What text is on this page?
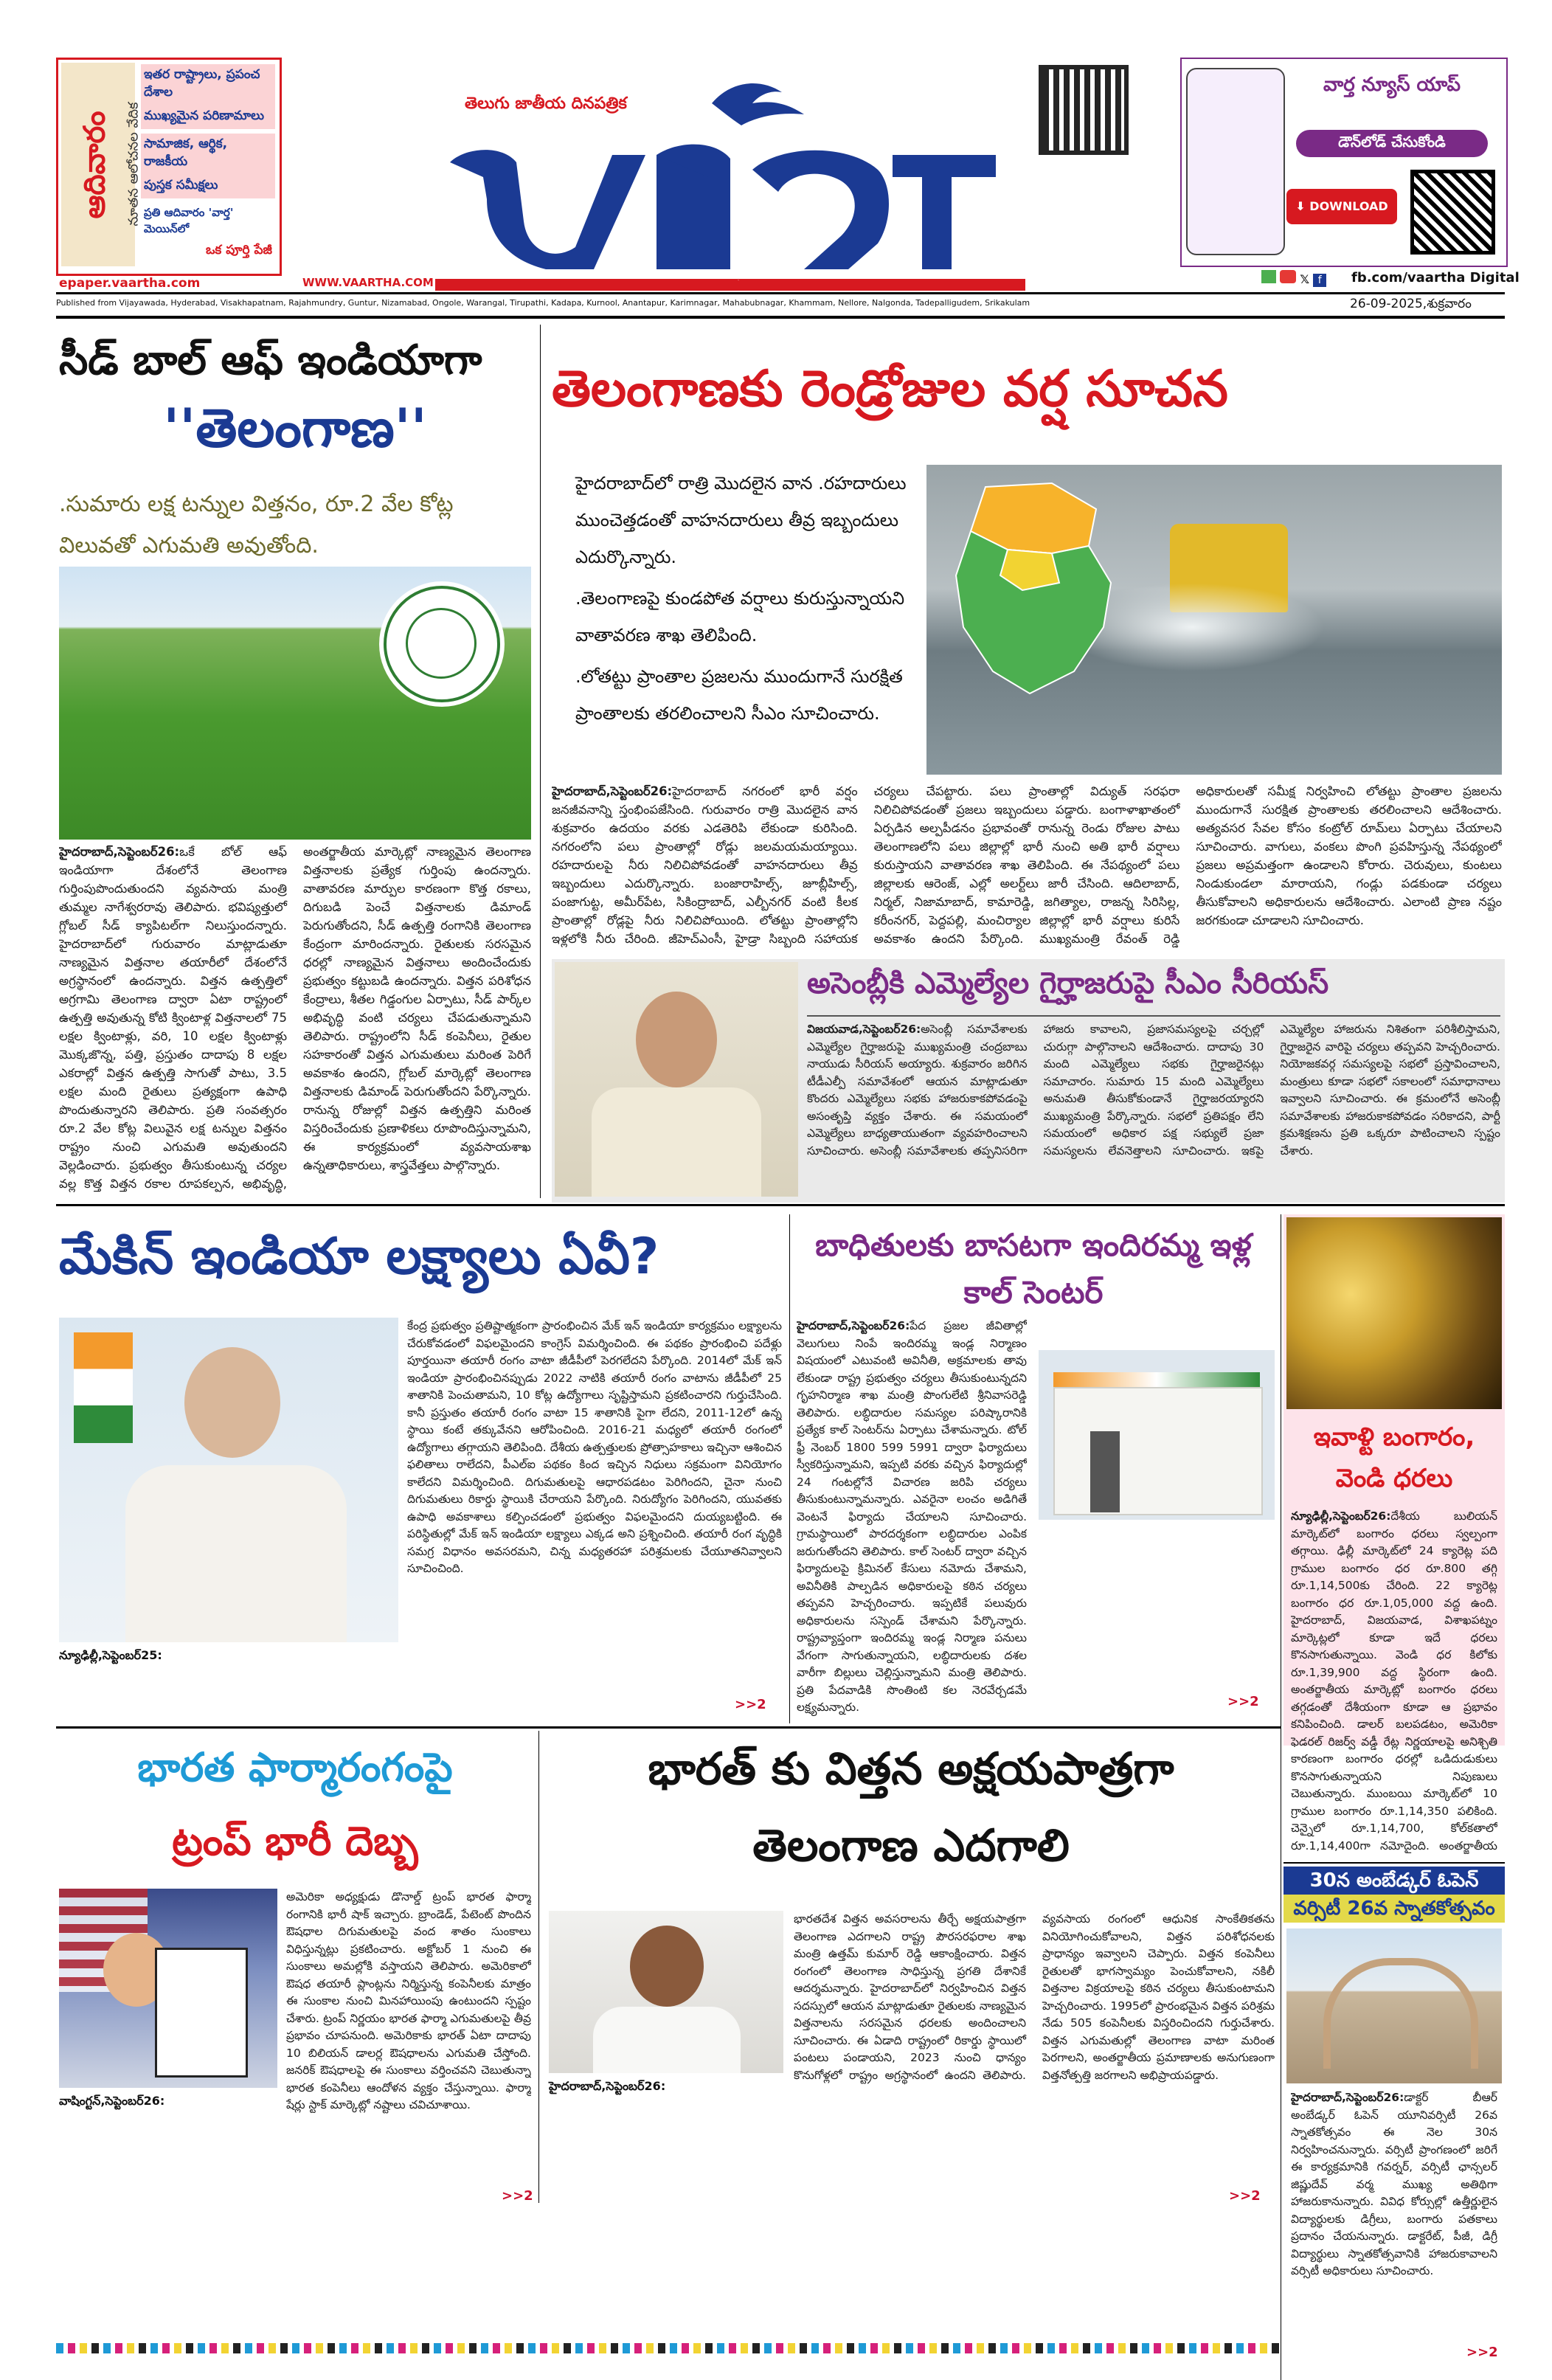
ఆదివారం	నూతన ఆలోచనల వేదిక
ఇతర రాష్ట్రాలు, ప్రపంచ దేశాల
ముఖ్యమైన పరిణామాలు
సామాజిక, ఆర్థిక, రాజకీయ
పుస్తక సమీక్షలు
ప్రతి ఆదివారం 'వార్త' మెయిన్‌లో
ఒక పూర్తి పేజీ
epaper.vaartha.com	WWW.VAARTHA.COM
తెలుగు జాతీయ దినపత్రిక
వార్త
వార్త న్యూస్ యాప్
డౌన్‌లోడ్ చేసుకోండి
⬇ DOWNLOAD
𝕏 f	fb.com/vaartha Digital
Published from Vijayawada, Hyderabad, Visakhapatnam, Rajahmundry, Guntur, Nizamabad, Ongole, Warangal, Tirupathi, Kadapa, Kurnool, Anantapur, Karimnagar, Mahabubnagar, Khammam, Nellore, Nalgonda, Tadepalligudem, Srikakulam	26-09-2025,శుక్రవారం
సీడ్ బాల్ ఆఫ్ ఇండియాగా
''తెలంగాణ''
.సుమారు లక్ష టన్నుల విత్తనం, రూ.2 వేల కోట్ల విలువతో ఎగుమతి అవుతోంది.
హైదరాబాద్,సెప్టెంబర్26:ఒకే బోల్ ఆఫ్ ఇండియాగా దేశంలోనే తెలంగాణ గుర్తింపుపొందుతుందని వ్యవసాయ మంత్రి తుమ్మల నాగేశ్వరరావు తెలిపారు. భవిష్యత్తులో గ్లోబల్ సీడ్ క్యాపిటల్‌గా నిలుస్తుందన్నారు. హైదరాబాద్‌లో గురువారం మాట్లాడుతూ నాణ్యమైన విత్తనాల తయారీలో దేశంలోనే అగ్రస్థానంలో ఉందన్నారు. విత్తన ఉత్పత్తిలో అగ్రగామి తెలంగాణ ద్వారా ఏటా రాష్ట్రంలో ఉత్పత్తి అవుతున్న కోటి క్వింటాళ్ల విత్తనాలలో 75 లక్షల క్వింటాళ్లు, వరి, 10 లక్షల క్వింటాళ్లు మొక్కజొన్న, పత్తి, ప్రస్తుతం దాదాపు 8 లక్షల ఎకరాల్లో విత్తన ఉత్పత్తి సాగుతో పాటు, 3.5 లక్షల మంది రైతులు ప్రత్యక్షంగా ఉపాధి పొందుతున్నారని తెలిపారు. ప్రతి సంవత్సరం రూ.2 వేల కోట్ల విలువైన లక్ష టన్నుల విత్తనం రాష్ట్రం నుంచి ఎగుమతి అవుతుందని వెల్లడించారు. ప్రభుత్వం తీసుకుంటున్న చర్యల వల్ల కొత్త విత్తన రకాల రూపకల్పన, అభివృద్ధి, అంతర్జాతీయ మార్కెట్లో నాణ్యమైన తెలంగాణ విత్తనాలకు ప్రత్యేక గుర్తింపు ఉందన్నారు. వాతావరణ మార్పుల కారణంగా కొత్త రకాలు, దిగుబడి పెంచే విత్తనాలకు డిమాండ్ పెరుగుతోందని, సీడ్ ఉత్పత్తి రంగానికి తెలంగాణ కేంద్రంగా మారిందన్నారు. రైతులకు సరసమైన ధరల్లో నాణ్యమైన విత్తనాలు అందించేందుకు ప్రభుత్వం కట్టుబడి ఉందన్నారు. విత్తన పరిశోధన కేంద్రాలు, శీతల గిడ్డంగుల ఏర్పాటు, సీడ్ పార్క్‌ల అభివృద్ధి వంటి చర్యలు చేపడుతున్నామని తెలిపారు. రాష్ట్రంలోని సీడ్ కంపెనీలు, రైతుల సహకారంతో విత్తన ఎగుమతులు మరింత పెరిగే అవకాశం ఉందని, గ్లోబల్ మార్కెట్లో తెలంగాణ విత్తనాలకు డిమాండ్ పెరుగుతోందని పేర్కొన్నారు. రానున్న రోజుల్లో విత్తన ఉత్పత్తిని మరింత విస్తరించేందుకు ప్రణాళికలు రూపొందిస్తున్నామని, ఈ కార్యక్రమంలో వ్యవసాయశాఖ ఉన్నతాధికారులు, శాస్త్రవేత్తలు పాల్గొన్నారు.
తెలంగాణకు రెండ్రోజుల వర్ష సూచన
హైదరాబాద్‌లో రాత్రి మొదలైన వాన .రహదారులు ముంచెత్తడంతో వాహనదారులు తీవ్ర ఇబ్బందులు ఎదుర్కొన్నారు.
.తెలంగాణపై కుండపోత వర్షాలు కురుస్తున్నాయని వాతావరణ శాఖ తెలిపింది.
.లోతట్టు ప్రాంతాల ప్రజలను ముందుగానే సురక్షిత ప్రాంతాలకు తరలించాలని సీఎం సూచించారు.
హైదరాబాద్,సెప్టెంబర్26:హైదరాబాద్ నగరంలో భారీ వర్షం జనజీవనాన్ని స్తంభింపజేసింది. గురువారం రాత్రి మొదలైన వాన శుక్రవారం ఉదయం వరకు ఎడతెరిపి లేకుండా కురిసింది. నగరంలోని పలు ప్రాంతాల్లో రోడ్లు జలమయమయ్యాయి. రహదారులపై నీరు నిలిచిపోవడంతో వాహనదారులు తీవ్ర ఇబ్బందులు ఎదుర్కొన్నారు. బంజారాహిల్స్, జూబ్లీహిల్స్, పంజాగుట్ట, అమీర్‌పేట, సికింద్రాబాద్, ఎల్బీనగర్ వంటి కీలక ప్రాంతాల్లో రోడ్లపై నీరు నిలిచిపోయింది. లోతట్టు ప్రాంతాల్లోని ఇళ్లలోకి నీరు చేరింది. జీహెచ్ఎంసీ, హైడ్రా సిబ్బంది సహాయక చర్యలు చేపట్టారు. పలు ప్రాంతాల్లో విద్యుత్ సరఫరా నిలిచిపోవడంతో ప్రజలు ఇబ్బందులు పడ్డారు. బంగాళాఖాతంలో ఏర్పడిన అల్పపీడనం ప్రభావంతో రానున్న రెండు రోజుల పాటు తెలంగాణలోని పలు జిల్లాల్లో భారీ నుంచి అతి భారీ వర్షాలు కురుస్తాయని వాతావరణ శాఖ తెలిపింది. ఈ నేపథ్యంలో పలు జిల్లాలకు ఆరెంజ్, ఎల్లో అలర్ట్‌లు జారీ చేసింది. ఆదిలాబాద్, నిర్మల్, నిజామాబాద్, కామారెడ్డి, జగిత్యాల, రాజన్న సిరిసిల్ల, కరీంనగర్, పెద్దపల్లి, మంచిర్యాల జిల్లాల్లో భారీ వర్షాలు కురిసే అవకాశం ఉందని పేర్కొంది. ముఖ్యమంత్రి రేవంత్ రెడ్డి అధికారులతో సమీక్ష నిర్వహించి లోతట్టు ప్రాంతాల ప్రజలను ముందుగానే సురక్షిత ప్రాంతాలకు తరలించాలని ఆదేశించారు. అత్యవసర సేవల కోసం కంట్రోల్ రూమ్‌లు ఏర్పాటు చేయాలని సూచించారు. వాగులు, వంకలు పొంగి ప్రవహిస్తున్న నేపథ్యంలో ప్రజలు అప్రమత్తంగా ఉండాలని కోరారు. చెరువులు, కుంటలు నిండుకుండలా మారాయని, గండ్లు పడకుండా చర్యలు తీసుకోవాలని అధికారులను ఆదేశించారు. ఎలాంటి ప్రాణ నష్టం జరగకుండా చూడాలని సూచించారు.
అసెంబ్లీకి ఎమ్మెల్యేల గైర్హాజరుపై సీఎం సీరియస్
విజయవాడ,సెప్టెంబర్26:అసెంబ్లీ సమావేశాలకు ఎమ్మెల్యేల గైర్హాజరుపై ముఖ్యమంత్రి చంద్రబాబు నాయుడు సీరియస్ అయ్యారు. శుక్రవారం జరిగిన టీడీఎల్పీ సమావేశంలో ఆయన మాట్లాడుతూ కొందరు ఎమ్మెల్యేలు సభకు హాజరుకాకపోవడంపై అసంతృప్తి వ్యక్తం చేశారు. ఈ సమయంలో ఎమ్మెల్యేలు బాధ్యతాయుతంగా వ్యవహరించాలని సూచించారు. అసెంబ్లీ సమావేశాలకు తప్పనిసరిగా హాజరు కావాలని, ప్రజాసమస్యలపై చర్చల్లో చురుగ్గా పాల్గొనాలని ఆదేశించారు. దాదాపు 30 మంది ఎమ్మెల్యేలు సభకు గైర్హాజరైనట్లు సమాచారం. సుమారు 15 మంది ఎమ్మెల్యేలు అనుమతి తీసుకోకుండానే గైర్హాజరయ్యారని ముఖ్యమంత్రి పేర్కొన్నారు. సభలో ప్రతిపక్షం లేని సమయంలో అధికార పక్ష సభ్యులే ప్రజా సమస్యలను లేవనెత్తాలని సూచించారు. ఇకపై ఎమ్మెల్యేల హాజరును నిశితంగా పరిశీలిస్తామని, గైర్హాజరైన వారిపై చర్యలు తప్పవని హెచ్చరించారు. నియోజకవర్గ సమస్యలపై సభలో ప్రస్తావించాలని, మంత్రులు కూడా సభలో సకాలంలో సమాధానాలు ఇవ్వాలని సూచించారు. ఈ క్రమంలోనే అసెంబ్లీ సమావేశాలకు హాజరుకాకపోవడం సరికాదని, పార్టీ క్రమశిక్షణను ప్రతి ఒక్కరూ పాటించాలని స్పష్టం చేశారు.
మేకిన్ ఇండియా లక్ష్యాలు ఏవీ?
కేంద్ర ప్రభుత్వం ప్రతిష్టాత్మకంగా ప్రారంభించిన మేక్ ఇన్ ఇండియా కార్యక్రమం లక్ష్యాలను చేరుకోవడంలో విఫలమైందని కాంగ్రెస్ విమర్శించింది. ఈ పథకం ప్రారంభించి పదేళ్లు పూర్తయినా తయారీ రంగం వాటా జీడీపీలో పెరగలేదని పేర్కొంది. 2014లో మేక్ ఇన్ ఇండియా ప్రారంభించినప్పుడు 2022 నాటికి తయారీ రంగం వాటాను జీడీపీలో 25 శాతానికి పెంచుతామని, 10 కోట్ల ఉద్యోగాలు సృష్టిస్తామని ప్రకటించారని గుర్తుచేసింది. కానీ ప్రస్తుతం తయారీ రంగం వాటా 15 శాతానికి పైగా లేదని, 2011-12లో ఉన్న స్థాయి కంటే తక్కువేనని ఆరోపించింది. 2016-21 మధ్యలో తయారీ రంగంలో ఉద్యోగాలు తగ్గాయని తెలిపింది. దేశీయ ఉత్పత్తులకు ప్రోత్సాహకాలు ఇచ్చినా ఆశించిన ఫలితాలు రాలేదని, పీఎల్ఐ పథకం కింద ఇచ్చిన నిధులు సక్రమంగా వినియోగం కాలేదని విమర్శించింది. దిగుమతులపై ఆధారపడటం పెరిగిందని, చైనా నుంచి దిగుమతులు రికార్డు స్థాయికి చేరాయని పేర్కొంది. నిరుద్యోగం పెరిగిందని, యువతకు ఉపాధి అవకాశాలు కల్పించడంలో ప్రభుత్వం విఫలమైందని దుయ్యబట్టింది. ఈ పరిస్థితుల్లో మేక్ ఇన్ ఇండియా లక్ష్యాలు ఎక్కడ అని ప్రశ్నించింది. తయారీ రంగ వృద్ధికి సమగ్ర విధానం అవసరమని, చిన్న మధ్యతరహా పరిశ్రమలకు చేయూతనివ్వాలని సూచించింది.
న్యూఢిల్లీ,సెప్టెంబర్25:
>>2
బాధితులకు బాసటగా ఇందిరమ్మ ఇళ్ల కాల్ సెంటర్
హైదరాబాద్,సెప్టెంబర్26:పేద ప్రజల జీవితాల్లో వెలుగులు నింపే ఇందిరమ్మ ఇండ్ల నిర్మాణం విషయంలో ఎటువంటి అవినీతి, అక్రమాలకు తావు లేకుండా రాష్ట్ర ప్రభుత్వం చర్యలు తీసుకుంటున్నదని గృహనిర్మాణ శాఖ మంత్రి పొంగులేటి శ్రీనివాసరెడ్డి తెలిపారు. లబ్ధిదారుల సమస్యల పరిష్కారానికి ప్రత్యేక కాల్ సెంటర్‌ను ఏర్పాటు చేశామన్నారు. టోల్ ఫ్రీ నెంబర్ 1800 599 5991 ద్వారా ఫిర్యాదులు స్వీకరిస్తున్నామని, ఇప్పటి వరకు వచ్చిన ఫిర్యాదుల్లో 24 గంటల్లోనే విచారణ జరిపి చర్యలు తీసుకుంటున్నామన్నారు. ఎవరైనా లంచం అడిగితే వెంటనే ఫిర్యాదు చేయాలని సూచించారు. గ్రామస్థాయిలో పారదర్శకంగా లబ్ధిదారుల ఎంపిక జరుగుతోందని తెలిపారు. కాల్ సెంటర్ ద్వారా వచ్చిన ఫిర్యాదులపై క్రిమినల్ కేసులు నమోదు చేశామని, అవినీతికి పాల్పడిన అధికారులపై కఠిన చర్యలు తప్పవని హెచ్చరించారు. ఇప్పటికే పలువురు అధికారులను సస్పెండ్ చేశామని పేర్కొన్నారు. రాష్ట్రవ్యాప్తంగా ఇందిరమ్మ ఇండ్ల నిర్మాణ పనులు వేగంగా సాగుతున్నాయని, లబ్ధిదారులకు దశల వారీగా బిల్లులు చెల్లిస్తున్నామని మంత్రి తెలిపారు. ప్రతి పేదవాడికి సొంతింటి కల నెరవేర్చడమే లక్ష్యమన్నారు.	>>2
ఇవాళ్టి బంగారం, వెండి ధరలు
న్యూఢిల్లీ,సెప్టెంబర్26:దేశీయ బులియన్ మార్కెట్‌లో బంగారం ధరలు స్వల్పంగా తగ్గాయి. ఢిల్లీ మార్కెట్‌లో 24 క్యారెట్ల పది గ్రాముల బంగారం ధర రూ.800 తగ్గి రూ.1,14,500కు చేరింది. 22 క్యారెట్ల బంగారం ధర రూ.1,05,000 వద్ద ఉంది. హైదరాబాద్, విజయవాడ, విశాఖపట్నం మార్కెట్లలో కూడా ఇదే ధరలు కొనసాగుతున్నాయి. వెండి ధర కిలోకు రూ.1,39,900 వద్ద స్థిరంగా ఉంది. అంతర్జాతీయ మార్కెట్లో బంగారం ధరలు తగ్గడంతో దేశీయంగా కూడా ఆ ప్రభావం కనిపించింది. డాలర్ బలపడటం, అమెరికా ఫెడరల్ రిజర్వ్ వడ్డీ రేట్ల నిర్ణయాలపై అనిశ్చితి కారణంగా బంగారం ధరల్లో ఒడిదుడుకులు కొనసాగుతున్నాయని నిపుణులు చెబుతున్నారు. ముంబయి మార్కెట్‌లో 10 గ్రాముల బంగారం రూ.1,14,350 పలికింది. చెన్నైలో రూ.1,14,700, కోల్‌కతాలో రూ.1,14,400గా నమోదైంది. అంతర్జాతీయ
30న అంబేడ్కర్ ఓపెన్
వర్సిటీ 26వ స్నాతకోత్సవం
హైదరాబాద్,సెప్టెంబర్26:డాక్టర్ బీఆర్ అంబేడ్కర్ ఓపెన్ యూనివర్సిటీ 26వ స్నాతకోత్సవం ఈ నెల 30న నిర్వహించనున్నారు. వర్సిటీ ప్రాంగణంలో జరిగే ఈ కార్యక్రమానికి గవర్నర్, వర్సిటీ ఛాన్సలర్ జిష్ణుదేవ్ వర్మ ముఖ్య అతిథిగా హాజరుకానున్నారు. వివిధ కోర్సుల్లో ఉత్తీర్ణులైన విద్యార్థులకు డిగ్రీలు, బంగారు పతకాలు ప్రదానం చేయనున్నారు. డాక్టరేట్, పీజీ, డిగ్రీ విద్యార్థులు స్నాతకోత్సవానికి హాజరుకావాలని వర్సిటీ అధికారులు సూచించారు.
>>2
భారత ఫార్మారంగంపై
ట్రంప్ భారీ దెబ్బ
అమెరికా అధ్యక్షుడు డొనాల్డ్ ట్రంప్ భారత ఫార్మా రంగానికి భారీ షాక్ ఇచ్చారు. బ్రాండెడ్, పేటెంట్ పొందిన ఔషధాల దిగుమతులపై వంద శాతం సుంకాలు విధిస్తున్నట్లు ప్రకటించారు. అక్టోబర్ 1 నుంచి ఈ సుంకాలు అమల్లోకి వస్తాయని తెలిపారు. అమెరికాలో ఔషధ తయారీ ప్లాంట్లను నిర్మిస్తున్న కంపెనీలకు మాత్రం ఈ సుంకాల నుంచి మినహాయింపు ఉంటుందని స్పష్టం చేశారు. ట్రంప్ నిర్ణయం భారత ఫార్మా ఎగుమతులపై తీవ్ర ప్రభావం చూపనుంది. అమెరికాకు భారత్ ఏటా దాదాపు 10 బిలియన్ డాలర్ల ఔషధాలను ఎగుమతి చేస్తోంది. జనరిక్ ఔషధాలపై ఈ సుంకాలు వర్తించవని చెబుతున్నా భారత కంపెనీలు ఆందోళన వ్యక్తం చేస్తున్నాయి. ఫార్మా షేర్లు స్టాక్ మార్కెట్లో నష్టాలు చవిచూశాయి.
వాషింగ్టన్,సెప్టెంబర్26:
>>2
భారత్ కు విత్తన అక్షయపాత్రగా
తెలంగాణ ఎదగాలి
హైదరాబాద్,సెప్టెంబర్26:
భారతదేశ విత్తన అవసరాలను తీర్చే అక్షయపాత్రగా తెలంగాణ ఎదగాలని రాష్ట్ర పౌరసరఫరాల శాఖ మంత్రి ఉత్తమ్ కుమార్ రెడ్డి ఆకాంక్షించారు. విత్తన రంగంలో తెలంగాణ సాధిస్తున్న ప్రగతి దేశానికే ఆదర్శమన్నారు. హైదరాబాద్‌లో నిర్వహించిన విత్తన సదస్సులో ఆయన మాట్లాడుతూ రైతులకు నాణ్యమైన విత్తనాలను సరసమైన ధరలకు అందించాలని సూచించారు. ఈ ఏడాది రాష్ట్రంలో రికార్డు స్థాయిలో పంటలు పండాయని, 2023 నుంచి ధాన్యం కొనుగోళ్లలో రాష్ట్రం అగ్రస్థానంలో ఉందని తెలిపారు. వ్యవసాయ రంగంలో ఆధునిక సాంకేతికతను వినియోగించుకోవాలని, విత్తన పరిశోధనలకు ప్రాధాన్యం ఇవ్వాలని చెప్పారు. విత్తన కంపెనీలు రైతులతో భాగస్వామ్యం పెంచుకోవాలని, నకిలీ విత్తనాల విక్రయాలపై కఠిన చర్యలు తీసుకుంటామని హెచ్చరించారు. 1995లో ప్రారంభమైన విత్తన పరిశ్రమ నేడు 505 కంపెనీలకు విస్తరించిందని గుర్తుచేశారు. విత్తన ఎగుమతుల్లో తెలంగాణ వాటా మరింత పెరగాలని, అంతర్జాతీయ ప్రమాణాలకు అనుగుణంగా విత్తనోత్పత్తి జరగాలని అభిప్రాయపడ్డారు.
>>2
